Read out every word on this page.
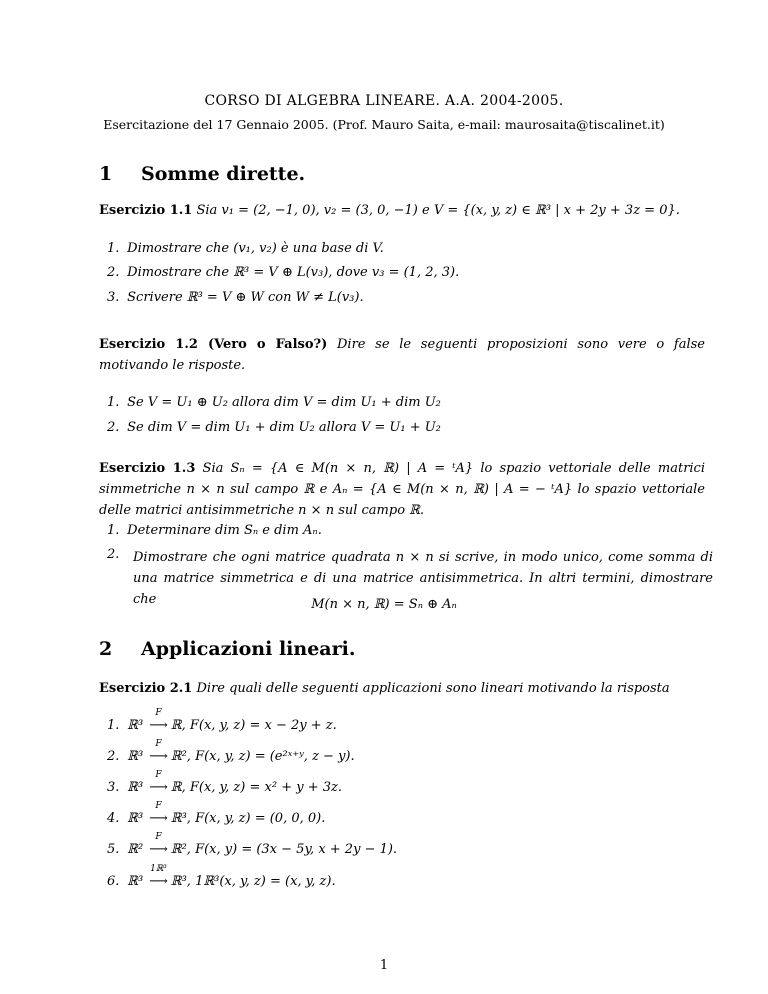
CORSO DI ALGEBRA LINEARE. A.A. 2004-2005.
Esercitazione del 17 Gennaio 2005. (Prof. Mauro Saita, e-mail: maurosaita@tiscalinet.it)
1 Somme dirette.
Esercizio 1.1 Sia v₁ = (2, −1, 0), v₂ = (3, 0, −1) e V = {(x, y, z) ∈ ℝ³ | x + 2y + 3z = 0}.
1. Dimostrare che (v₁, v₂) è una base di V.
2. Dimostrare che ℝ³ = V ⊕ L(v₃), dove v₃ = (1, 2, 3).
3. Scrivere ℝ³ = V ⊕ W con W ≠ L(v₃).
Esercizio 1.2 (Vero o Falso?) Dire se le seguenti proposizioni sono vere o false motivando le risposte.
1. Se V = U₁ ⊕ U₂ allora dim V = dim U₁ + dim U₂
2. Se dim V = dim U₁ + dim U₂ allora V = U₁ + U₂
Esercizio 1.3 Sia Sₙ = {A ∈ M(n × n, ℝ) | A = ᵗA} lo spazio vettoriale delle matrici simmetriche n × n sul campo ℝ e Aₙ = {A ∈ M(n × n, ℝ) | A = − ᵗA} lo spazio vettoriale delle matrici antisimmetriche n × n sul campo ℝ.
1. Determinare dim Sₙ e dim Aₙ.
2. Dimostrare che ogni matrice quadrata n × n si scrive, in modo unico, come somma di una matrice simmetrica e di una matrice antisimmetrica. In altri termini, dimostrare che	M(n × n, ℝ) = Sₙ ⊕ Aₙ
2 Applicazioni lineari.
Esercizio 2.1 Dire quali delle seguenti applicazioni sono lineari motivando la risposta
1. ℝ³
F
⟶ ℝ, F(x, y, z) = x − 2y + z.
2. ℝ³
F
⟶ ℝ², F(x, y, z) = (e²ˣ⁺ʸ, z − y).
3. ℝ³
F
⟶ ℝ, F(x, y, z) = x² + y + 3z.
4. ℝ³
F
⟶ ℝ³, F(x, y, z) = (0, 0, 0).
5. ℝ²
F
⟶ ℝ², F(x, y) = (3x − 5y, x + 2y − 1).
6. ℝ³
1ℝ³
⟶ ℝ³, 1ℝ³(x, y, z) = (x, y, z).
1
